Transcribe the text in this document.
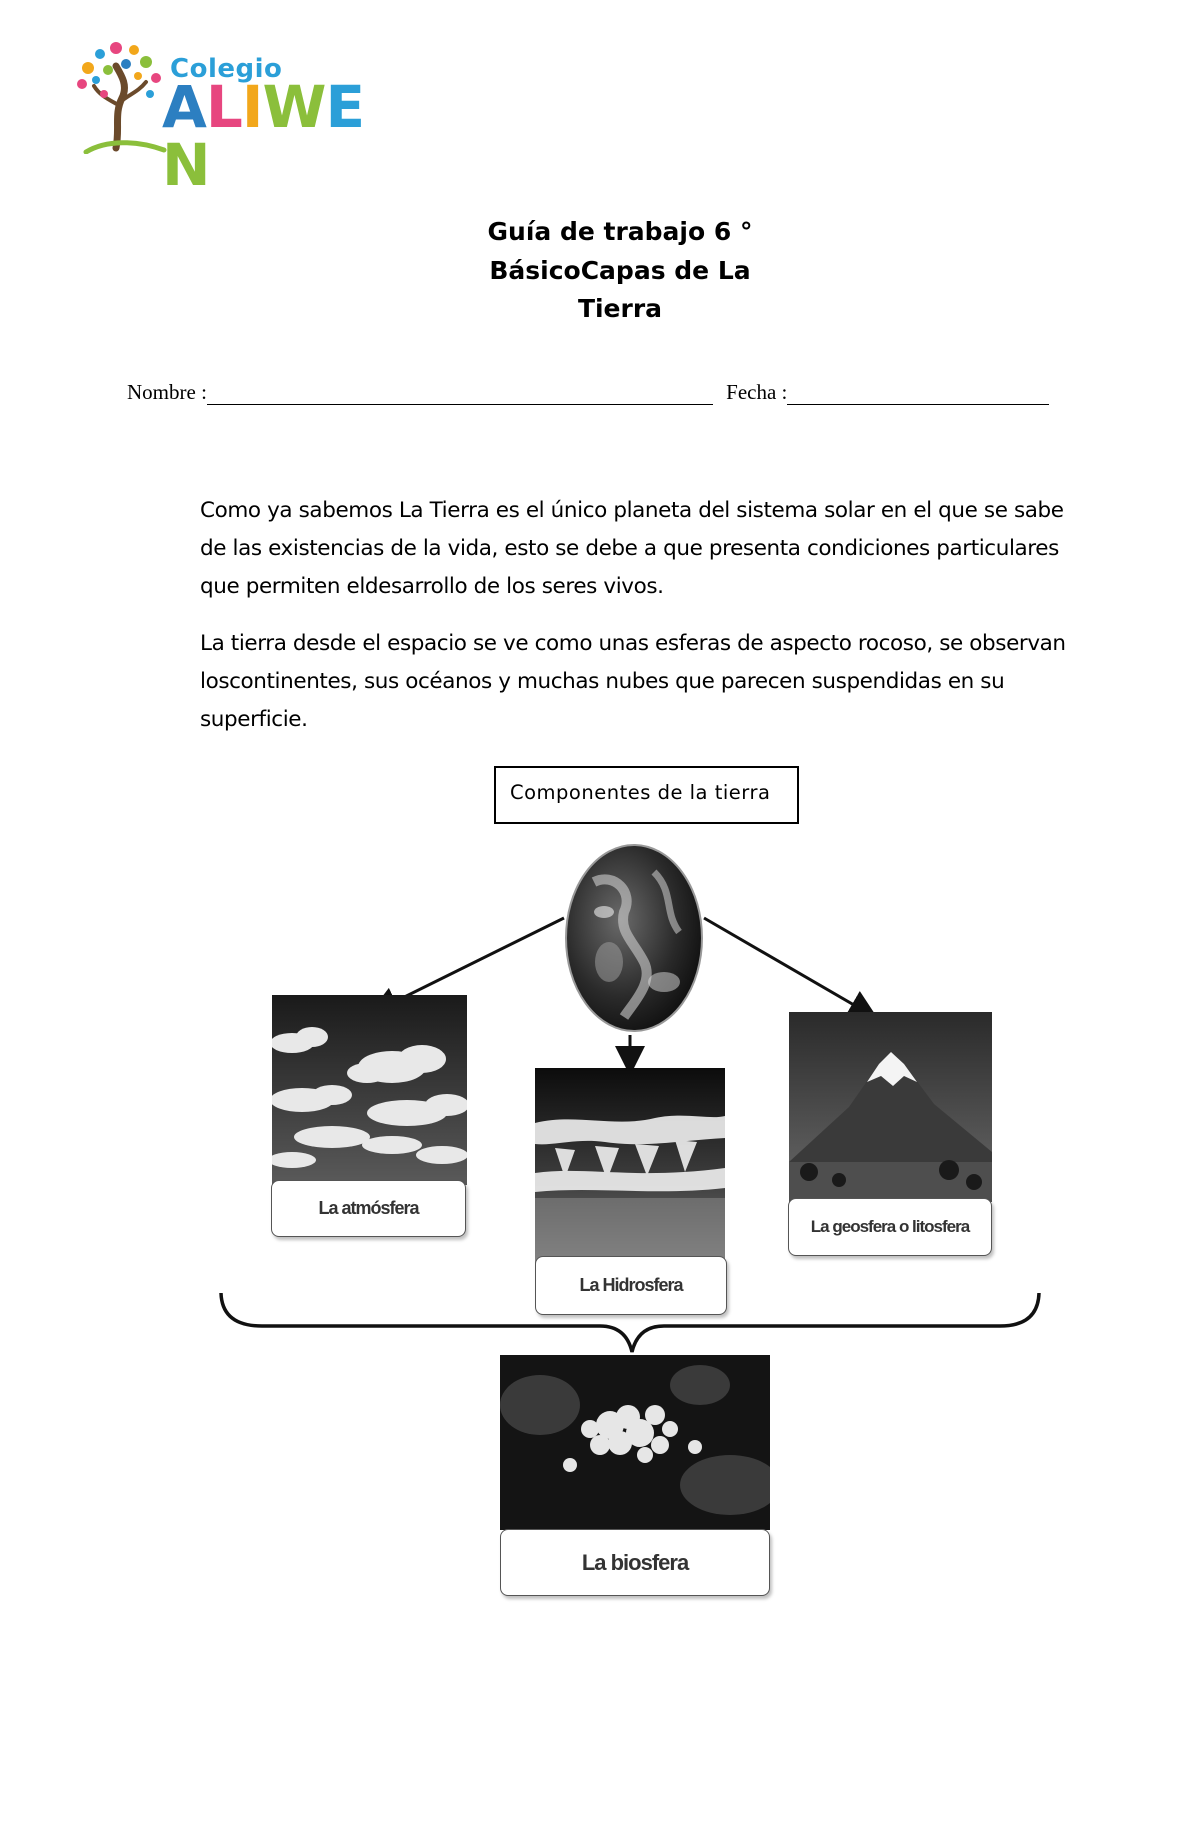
Colegio
ALIWEN
Guía de trabajo 6 °
BásicoCapas de La
Tierra
Nombre :	Fecha :
Como ya sabemos La Tierra es el único planeta del sistema solar en el que se sabe
de las existencias de la vida, esto se debe a que presenta condiciones particulares
que permiten eldesarrollo de los seres vivos.
La tierra desde el espacio se ve como unas esferas de aspecto rocoso, se observan
loscontinentes, sus océanos y muchas nubes que parecen suspendidas en su
superficie.
Componentes de la tierra
La atmósfera
La geosfera o litosfera
La Hidrosfera
La biosfera
